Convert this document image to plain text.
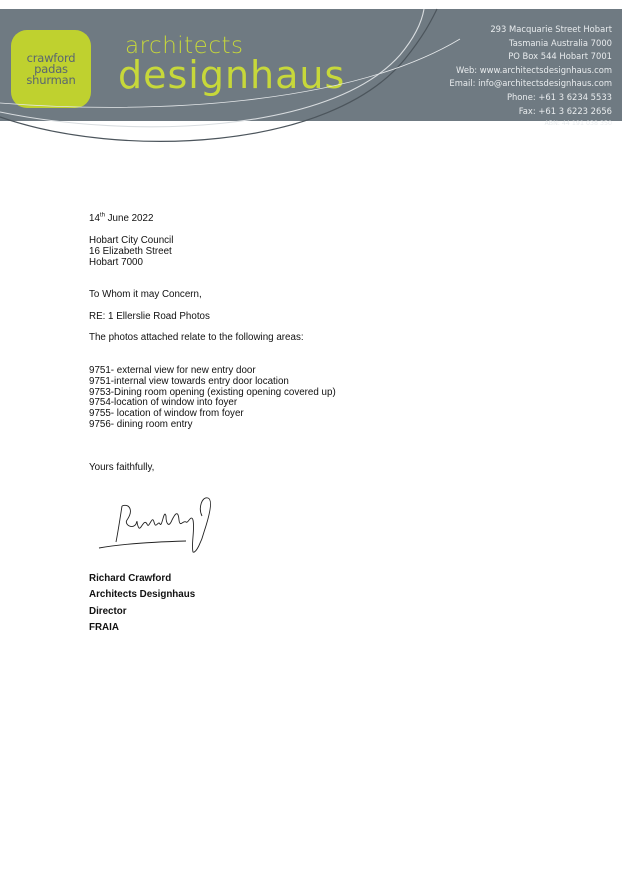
crawford
padas
shurman
architects
designhaus
293 Macquarie Street Hobart
Tasmania Australia 7000
PO Box 544 Hobart 7001
Web: www.architectsdesignhaus.com
Email: info@architectsdesignhaus.com
Phone: +61 3 6234 5533
Fax: +61 3 6223 2656
ABN: 44 191 038 350
14th June 2022
Hobart City Council
16 Elizabeth Street
Hobart 7000
To Whom it may Concern,
RE: 1 Ellerslie Road Photos
The photos attached relate to the following areas:
9751- external view for new entry door
9751-internal view towards entry door location
9753-Dining room opening (existing opening covered up)
9754-location of window into foyer
9755- location of window from foyer
9756- dining room entry
Yours faithfully,
Richard Crawford
Architects Designhaus
Director
FRAIA
